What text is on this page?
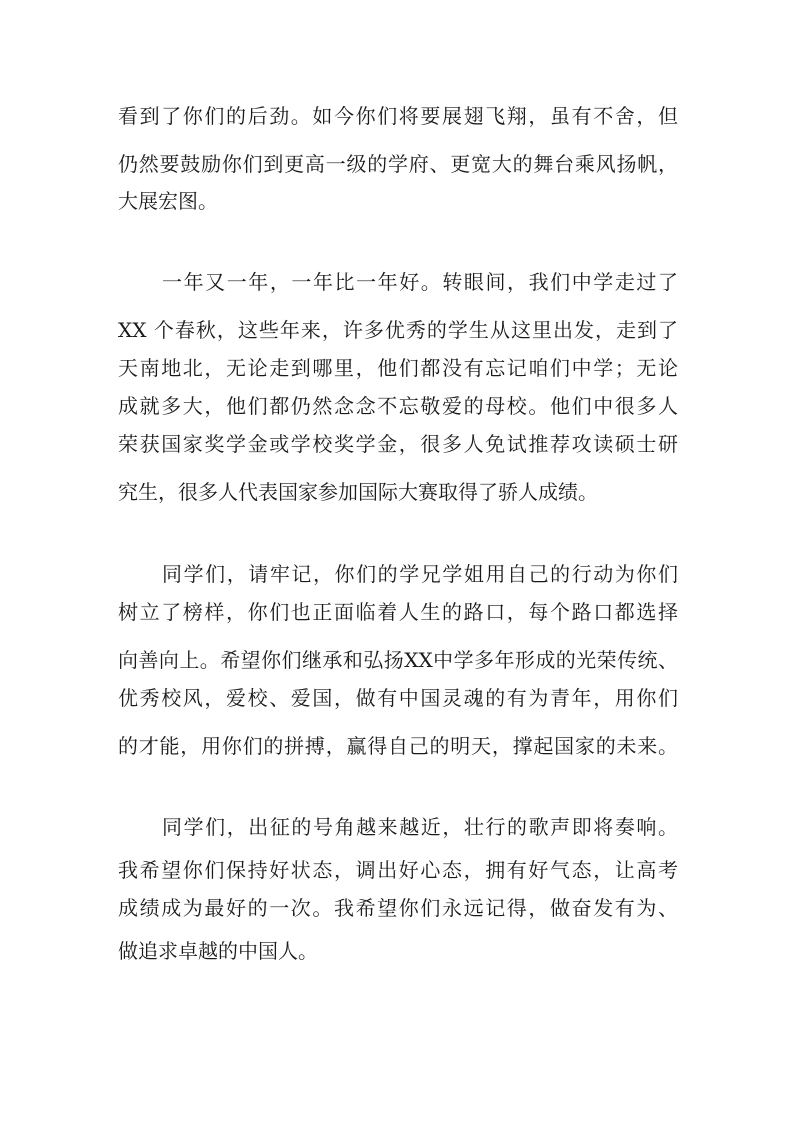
看到了你们的后劲。如今你们将要展翅飞翔，虽有不舍，但
仍然要鼓励你们到更高一级的学府、更宽大的舞台乘风扬帆，
大展宏图。
一年又一年，一年比一年好。转眼间，我们中学走过了
XX 个春秋，这些年来，许多优秀的学生从这里出发，走到了
天南地北，无论走到哪里，他们都没有忘记咱们中学；无论
成就多大，他们都仍然念念不忘敬爱的母校。他们中很多人
荣获国家奖学金或学校奖学金，很多人免试推荐攻读硕士研
究生，很多人代表国家参加国际大赛取得了骄人成绩。
同学们，请牢记，你们的学兄学姐用自己的行动为你们
树立了榜样，你们也正面临着人生的路口，每个路口都选择
向善向上。希望你们继承和弘扬XX中学多年形成的光荣传统、
优秀校风，爱校、爱国，做有中国灵魂的有为青年，用你们
的才能，用你们的拼搏，赢得自己的明天，撑起国家的未来。
同学们，出征的号角越来越近，壮行的歌声即将奏响。
我希望你们保持好状态，调出好心态，拥有好气态，让高考
成绩成为最好的一次。我希望你们永远记得，做奋发有为、
做追求卓越的中国人。
